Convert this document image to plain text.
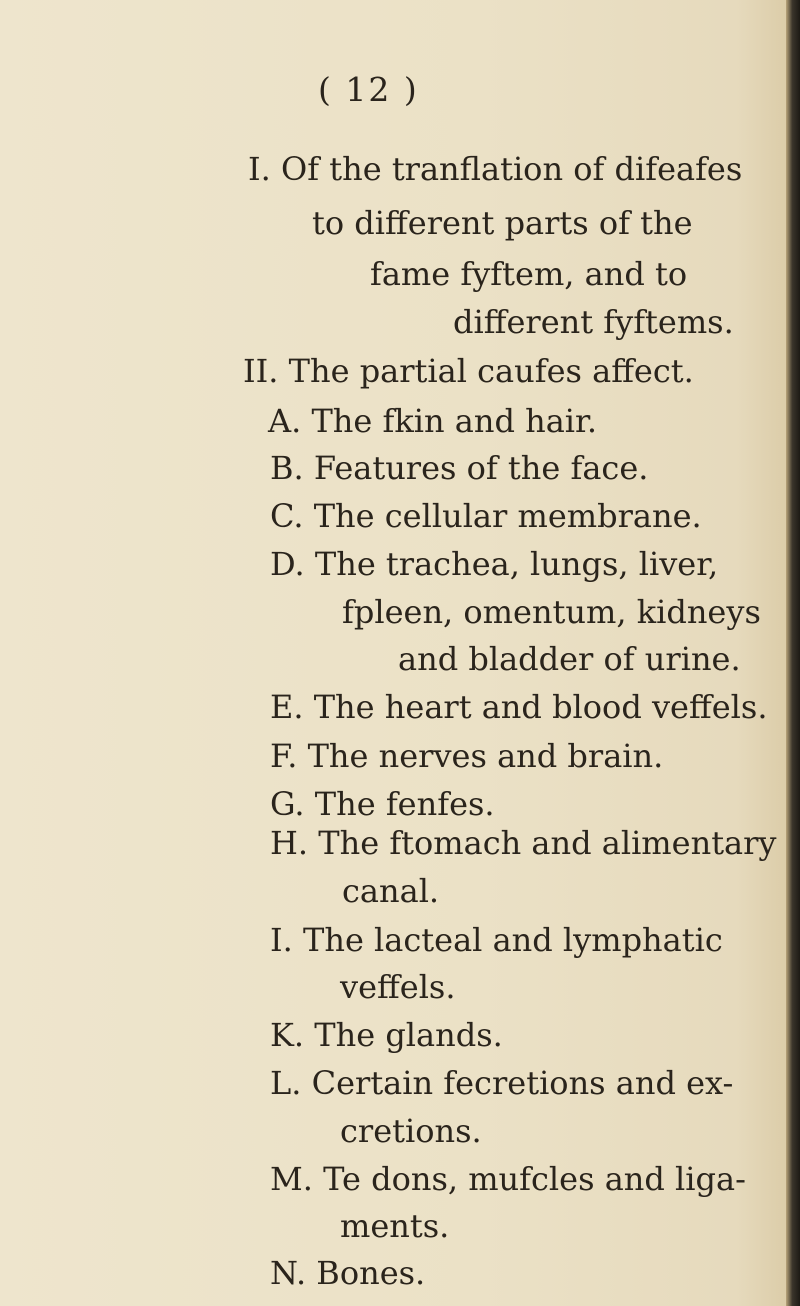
( 12 )
I. Of the tranflation of difeafes
to different parts of the
fame fyftem, and to
different fyftems.
II. The partial caufes affect.
A. The fkin and hair.
B. Features of the face.
C. The cellular membrane.
D. The trachea, lungs, liver,
fpleen, omentum, kidneys
and bladder of urine.
E. The heart and blood veffels.
F. The nerves and brain.
G. The fenfes.
H. The ftomach and alimentary
canal.
I. The lacteal and lymphatic
veffels.
K. The glands.
L. Certain fecretions and ex-
cretions.
M. Te dons, mufcles and liga-
ments.
N. Bones.
